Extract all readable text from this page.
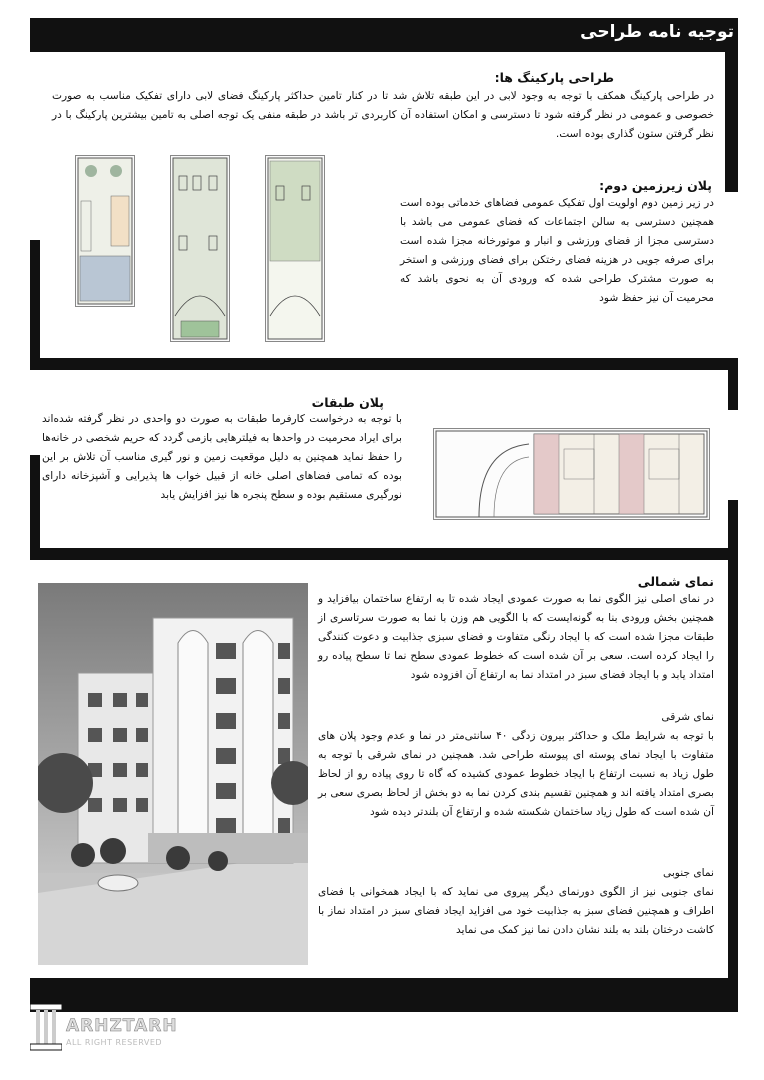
توجیه نامه طراحی
طراحی پارکینگ ها:
در طراحی پارکینگ همکف با توجه به وجود لابی در این طبقه تلاش شد تا در کنار تامین حداکثر پارکینگ فضای لابی دارای تفکیک مناسب به صورت خصوصی و عمومی در نظر گرفته شود تا دسترسی و امکان استفاده آن کاربردی تر باشد در طبقه منفی یک توجه اصلی به تامین بیشترین پارکینگ با در نظر گرفتن ستون گذاری بوده است.
پلان زیرزمین دوم:
در زیر زمین دوم اولویت اول تفکیک عمومی فضاهای خدماتی بوده است همچنین دسترسی به سالن اجتماعات که فضای عمومی می باشد با دسترسی مجزا از فضای ورزشی و انبار و موتورخانه مجزا شده است برای صرفه جویی در هزینه فضای رختکن برای فضای ورزشی و استخر به صورت مشترک طراحی شده که ورودی آن به نحوی باشد که محرمیت آن نیز حفظ شود
پلان طبقات
با توجه به درخواست کارفرما طبقات به صورت دو واحدی در نظر گرفته شده‌اند برای ایراد محرمیت در واحدها به فیلترهایی بازمی گردد که حریم شخصی در خانه‌ها را حفظ نماید همچنین به دلیل موقعیت زمین و نور گیری مناسب آن تلاش بر این بوده که تمامی فضاهای اصلی خانه از قبیل خواب ها پذیرایی و آشپزخانه دارای نورگیری مستقیم بوده و سطح پنجره ها نیز افزایش یابد
نمای شمالی
در نمای اصلی نیز الگوی نما به صورت عمودی ایجاد شده تا به ارتفاع ساختمان بیافزاید و همچنین بخش ورودی بنا به گونه‌ایست که با الگویی هم وزن با نما به صورت سرتاسری از طبقات مجزا شده است که با ایجاد رنگی متفاوت و فضای سبزی جذابیت و دعوت کنندگی را ایجاد کرده است. سعی بر آن شده است که خطوط عمودی سطح نما تا سطح پیاده رو امتداد یابد و با ایجاد فضای سبز در امتداد نما به ارتفاع آن افزوده شود
نمای شرقی
با توجه به شرایط ملک و حداکثر بیرون زدگی ۴۰ سانتی‌متر در نما و عدم وجود پلان های متفاوت با ایجاد نمای پوسته ای پیوسته طراحی شد. همچنین در نمای شرقی با توجه به طول زیاد به نسبت ارتفاع با ایجاد خطوط عمودی کشیده که گاه تا روی پیاده رو از لحاظ بصری امتداد یافته اند و همچنین تقسیم بندی کردن نما به دو بخش از لحاظ بصری سعی بر آن شده است که طول زیاد ساختمان شکسته شده و ارتفاع آن بلندتر دیده شود
نمای جنوبی
نمای جنوبی نیز از الگوی دورنمای دیگر پیروی می نماید که با ایجاد همخوانی با فضای اطراف و همچنین فضای سبز به جذابیت خود می افزاید ایجاد فضای سبز در امتداد نماز با کاشت درختان بلند به بلند نشان دادن نما نیز کمک می نماید
ARHZTARH
ALL RIGHT RESERVED
